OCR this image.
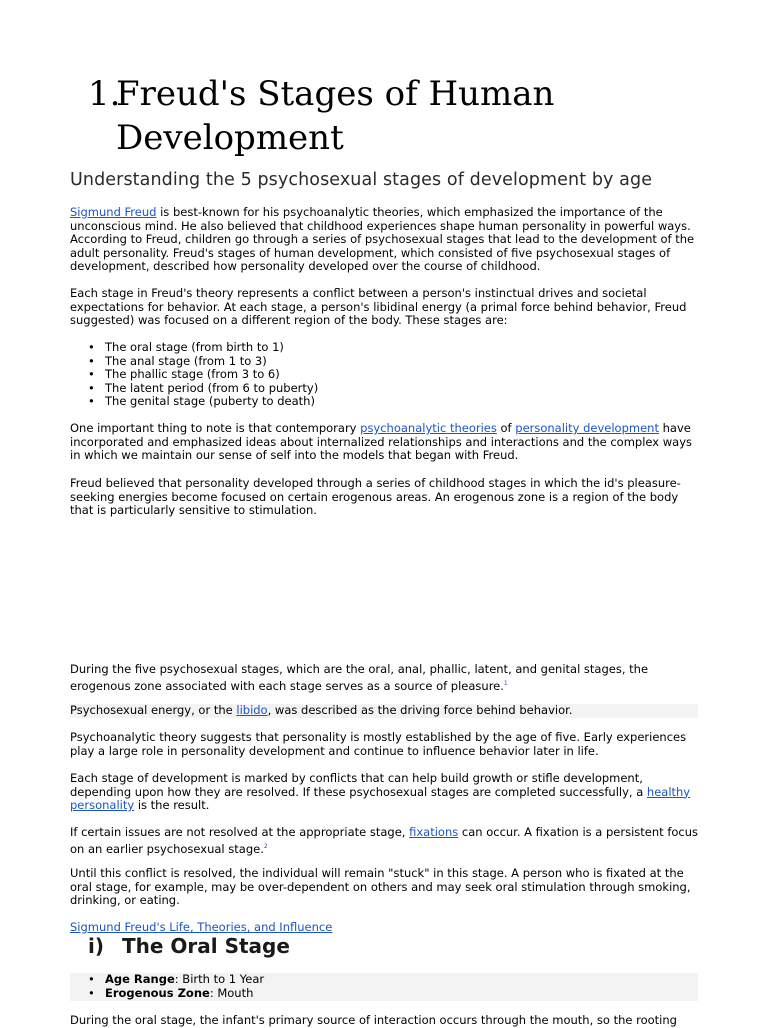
1.Freud's Stages of Human
Development
Understanding the 5 psychosexual stages of development by age

Sigmund Freud is best-known for his psychoanalytic theories, which emphasized the importance of the unconscious mind. He also believed that childhood experiences shape human personality in powerful ways. According to Freud, children go through a series of psychosexual stages that lead to the development of the adult personality. Freud's stages of human development, which consisted of five psychosexual stages of development, described how personality developed over the course of childhood.

Each stage in Freud's theory represents a conflict between a person's instinctual drives and societal expectations for behavior. At each stage, a person's libidinal energy (a primal force behind behavior, Freud suggested) was focused on a different region of the body. These stages are:

• The oral stage (from birth to 1)
• The anal stage (from 1 to 3)
• The phallic stage (from 3 to 6)
• The latent period (from 6 to puberty)
• The genital stage (puberty to death)

One important thing to note is that contemporary psychoanalytic theories of personality development have incorporated and emphasized ideas about internalized relationships and interactions and the complex ways in which we maintain our sense of self into the models that began with Freud.

Freud believed that personality developed through a series of childhood stages in which the id's pleasure-seeking energies become focused on certain erogenous areas. An erogenous zone is a region of the body that is particularly sensitive to stimulation.

During the five psychosexual stages, which are the oral, anal, phallic, latent, and genital stages, the erogenous zone associated with each stage serves as a source of pleasure.$^1$

Psychosexual energy, or the libido, was described as the driving force behind behavior.

Psychoanalytic theory suggests that personality is mostly established by the age of five. Early experiences play a large role in personality development and continue to influence behavior later in life.

Each stage of development is marked by conflicts that can help build growth or stifle development, depending upon how they are resolved. If these psychosexual stages are completed successfully, a healthy personality is the result.

If certain issues are not resolved at the appropriate stage, fixations can occur. A fixation is a persistent focus on an earlier psychosexual stage.$^2$

Until this conflict is resolved, the individual will remain "stuck" in this stage. A person who is fixated at the oral stage, for example, may be over-dependent on others and may seek oral stimulation through smoking, drinking, or eating.

Sigmund Freud's Life, Theories, and Influence

i) The Oral Stage
• Age Range: Birth to 1 Year
• Erogenous Zone: Mouth

During the oral stage, the infant's primary source of interaction occurs through the mouth, so the rooting
